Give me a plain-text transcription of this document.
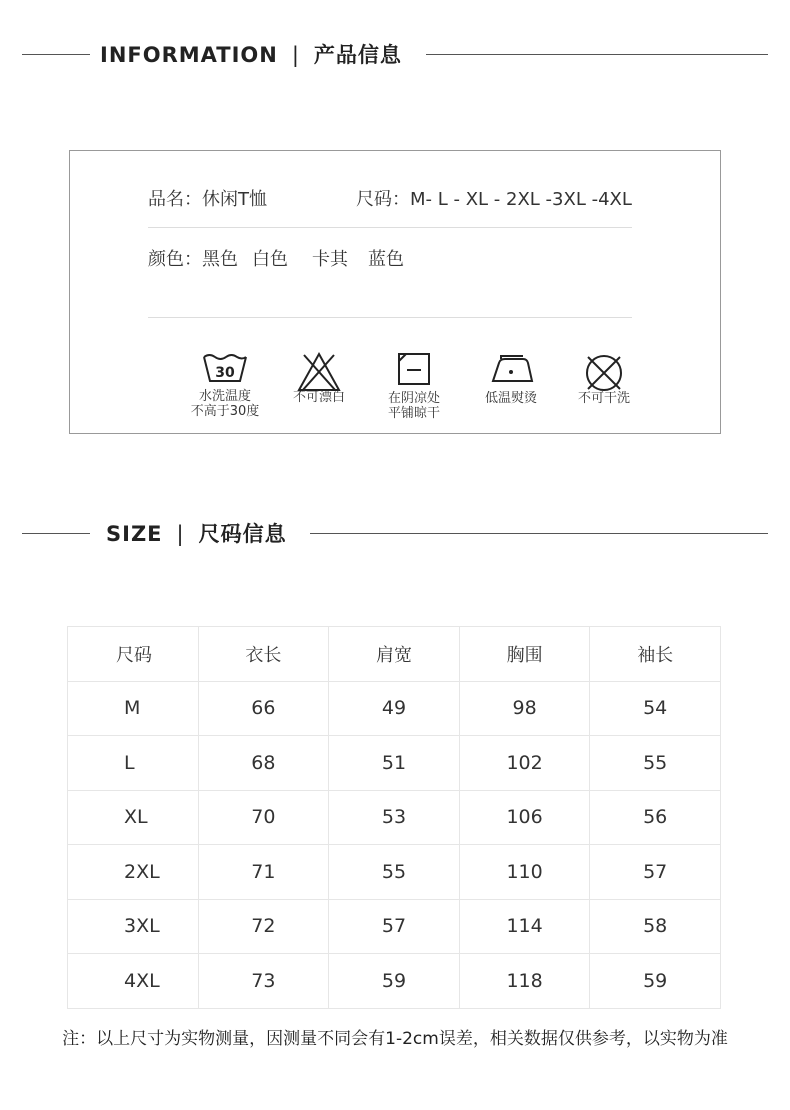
INFORMATION | 产品信息
品名：休闲T恤	尺码：M- L - XL - 2XL -3XL -4XL
颜色：黑色 白色 卡其 蓝色
30
水洗温度
不高于30度
不可漂白	在阴凉处
平铺晾干
低温熨烫	不可干洗
SIZE | 尺码信息
尺码	衣长	肩宽	胸围	袖长
M	66	49	98	54
L	68	51	102	55
XL	70	53	106	56
2XL	71	55	110	57
3XL	72	57	114	58
4XL	73	59	118	59
注：以上尺寸为实物测量，因测量不同会有1-2cm误差，相关数据仅供参考，以实物为准
